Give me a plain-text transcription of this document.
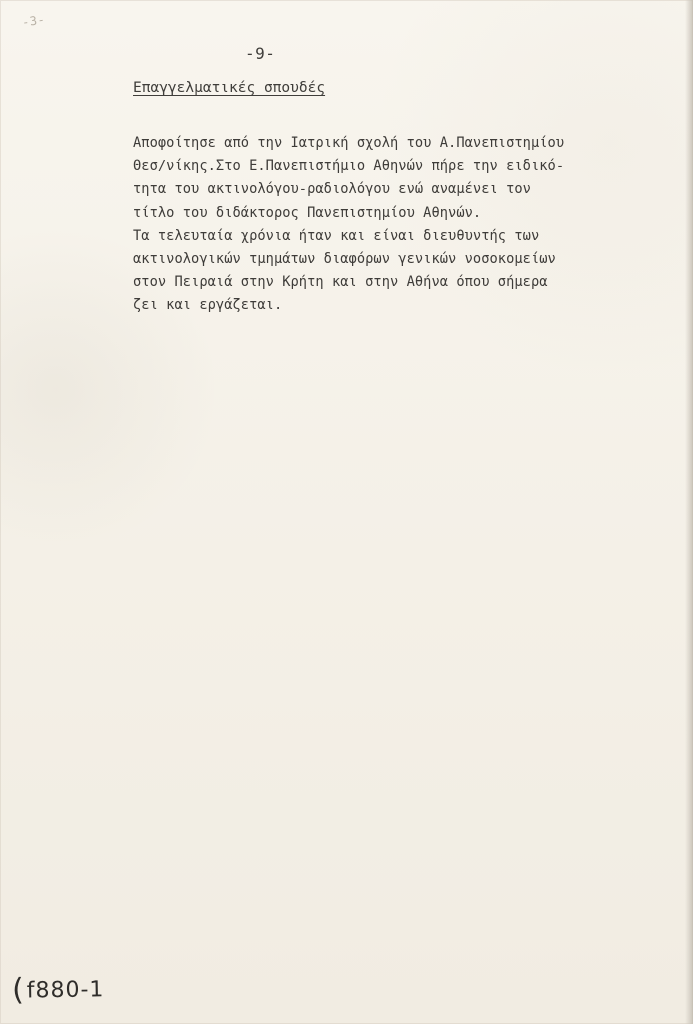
-3-
-9-
Επαγγελματικές σπουδές

Αποφοίτησε από την Ιατρική σχολή του Α.Πανεπιστημίου
Θεσ/νίκης.Στο Ε.Πανεπιστήμιο Αθηνών πήρε την ειδικό-
τητα του ακτινολόγου-ραδιολόγου ενώ αναμένει τον
τίτλο του διδάκτορος Πανεπιστημίου Αθηνών.
Τα τελευταία χρόνια ήταν και είναι διευθυντής των
ακτινολογικών τμημάτων διαφόρων γενικών νοσοκομείων
στον Πειραιά στην Κρήτη και στην Αθήνα όπου σήμερα
ζει και εργάζεται.

(f880-1
